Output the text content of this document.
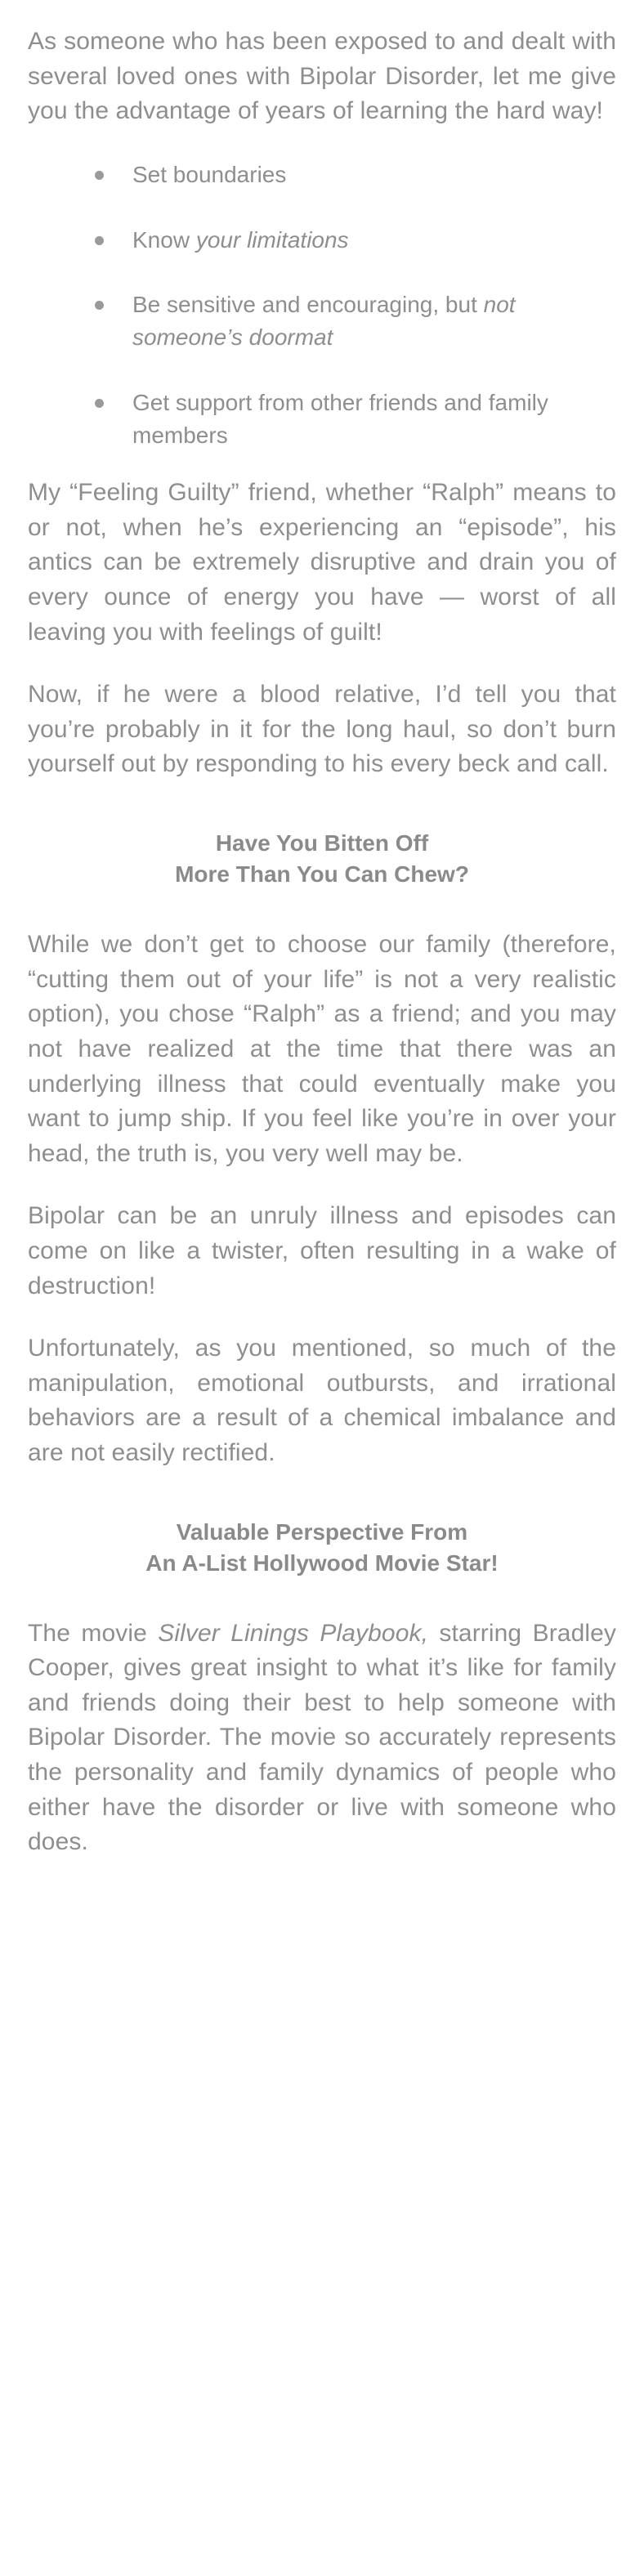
As someone who has been exposed to and dealt with several loved ones with Bipolar Disorder, let me give you the advantage of years of learning the hard way!

Set boundaries
Know your limitations
Be sensitive and encouraging, but not someone’s doormat
Get support from other friends and family members

My “Feeling Guilty” friend, whether “Ralph” means to or not, when he’s experiencing an “episode”, his antics can be extremely disruptive and drain you of every ounce of energy you have — worst of all leaving you with feelings of guilt!

Now, if he were a blood relative, I’d tell you that you’re probably in it for the long haul, so don’t burn yourself out by responding to his every beck and call.

Have You Bitten Off
More Than You Can Chew?

While we don’t get to choose our family (therefore, “cutting them out of your life” is not a very realistic option), you chose “Ralph” as a friend; and you may not have realized at the time that there was an underlying illness that could eventually make you want to jump ship. If you feel like you’re in over your head, the truth is, you very well may be.

Bipolar can be an unruly illness and episodes can come on like a twister, often resulting in a wake of destruction!

Unfortunately, as you mentioned, so much of the manipulation, emotional outbursts, and irrational behaviors are a result of a chemical imbalance and are not easily rectified.

Valuable Perspective From
An A-List Hollywood Movie Star!

The movie Silver Linings Playbook, starring Bradley Cooper, gives great insight to what it’s like for family and friends doing their best to help someone with Bipolar Disorder. The movie so accurately represents the personality and family dynamics of people who either have the disorder or live with someone who does.
